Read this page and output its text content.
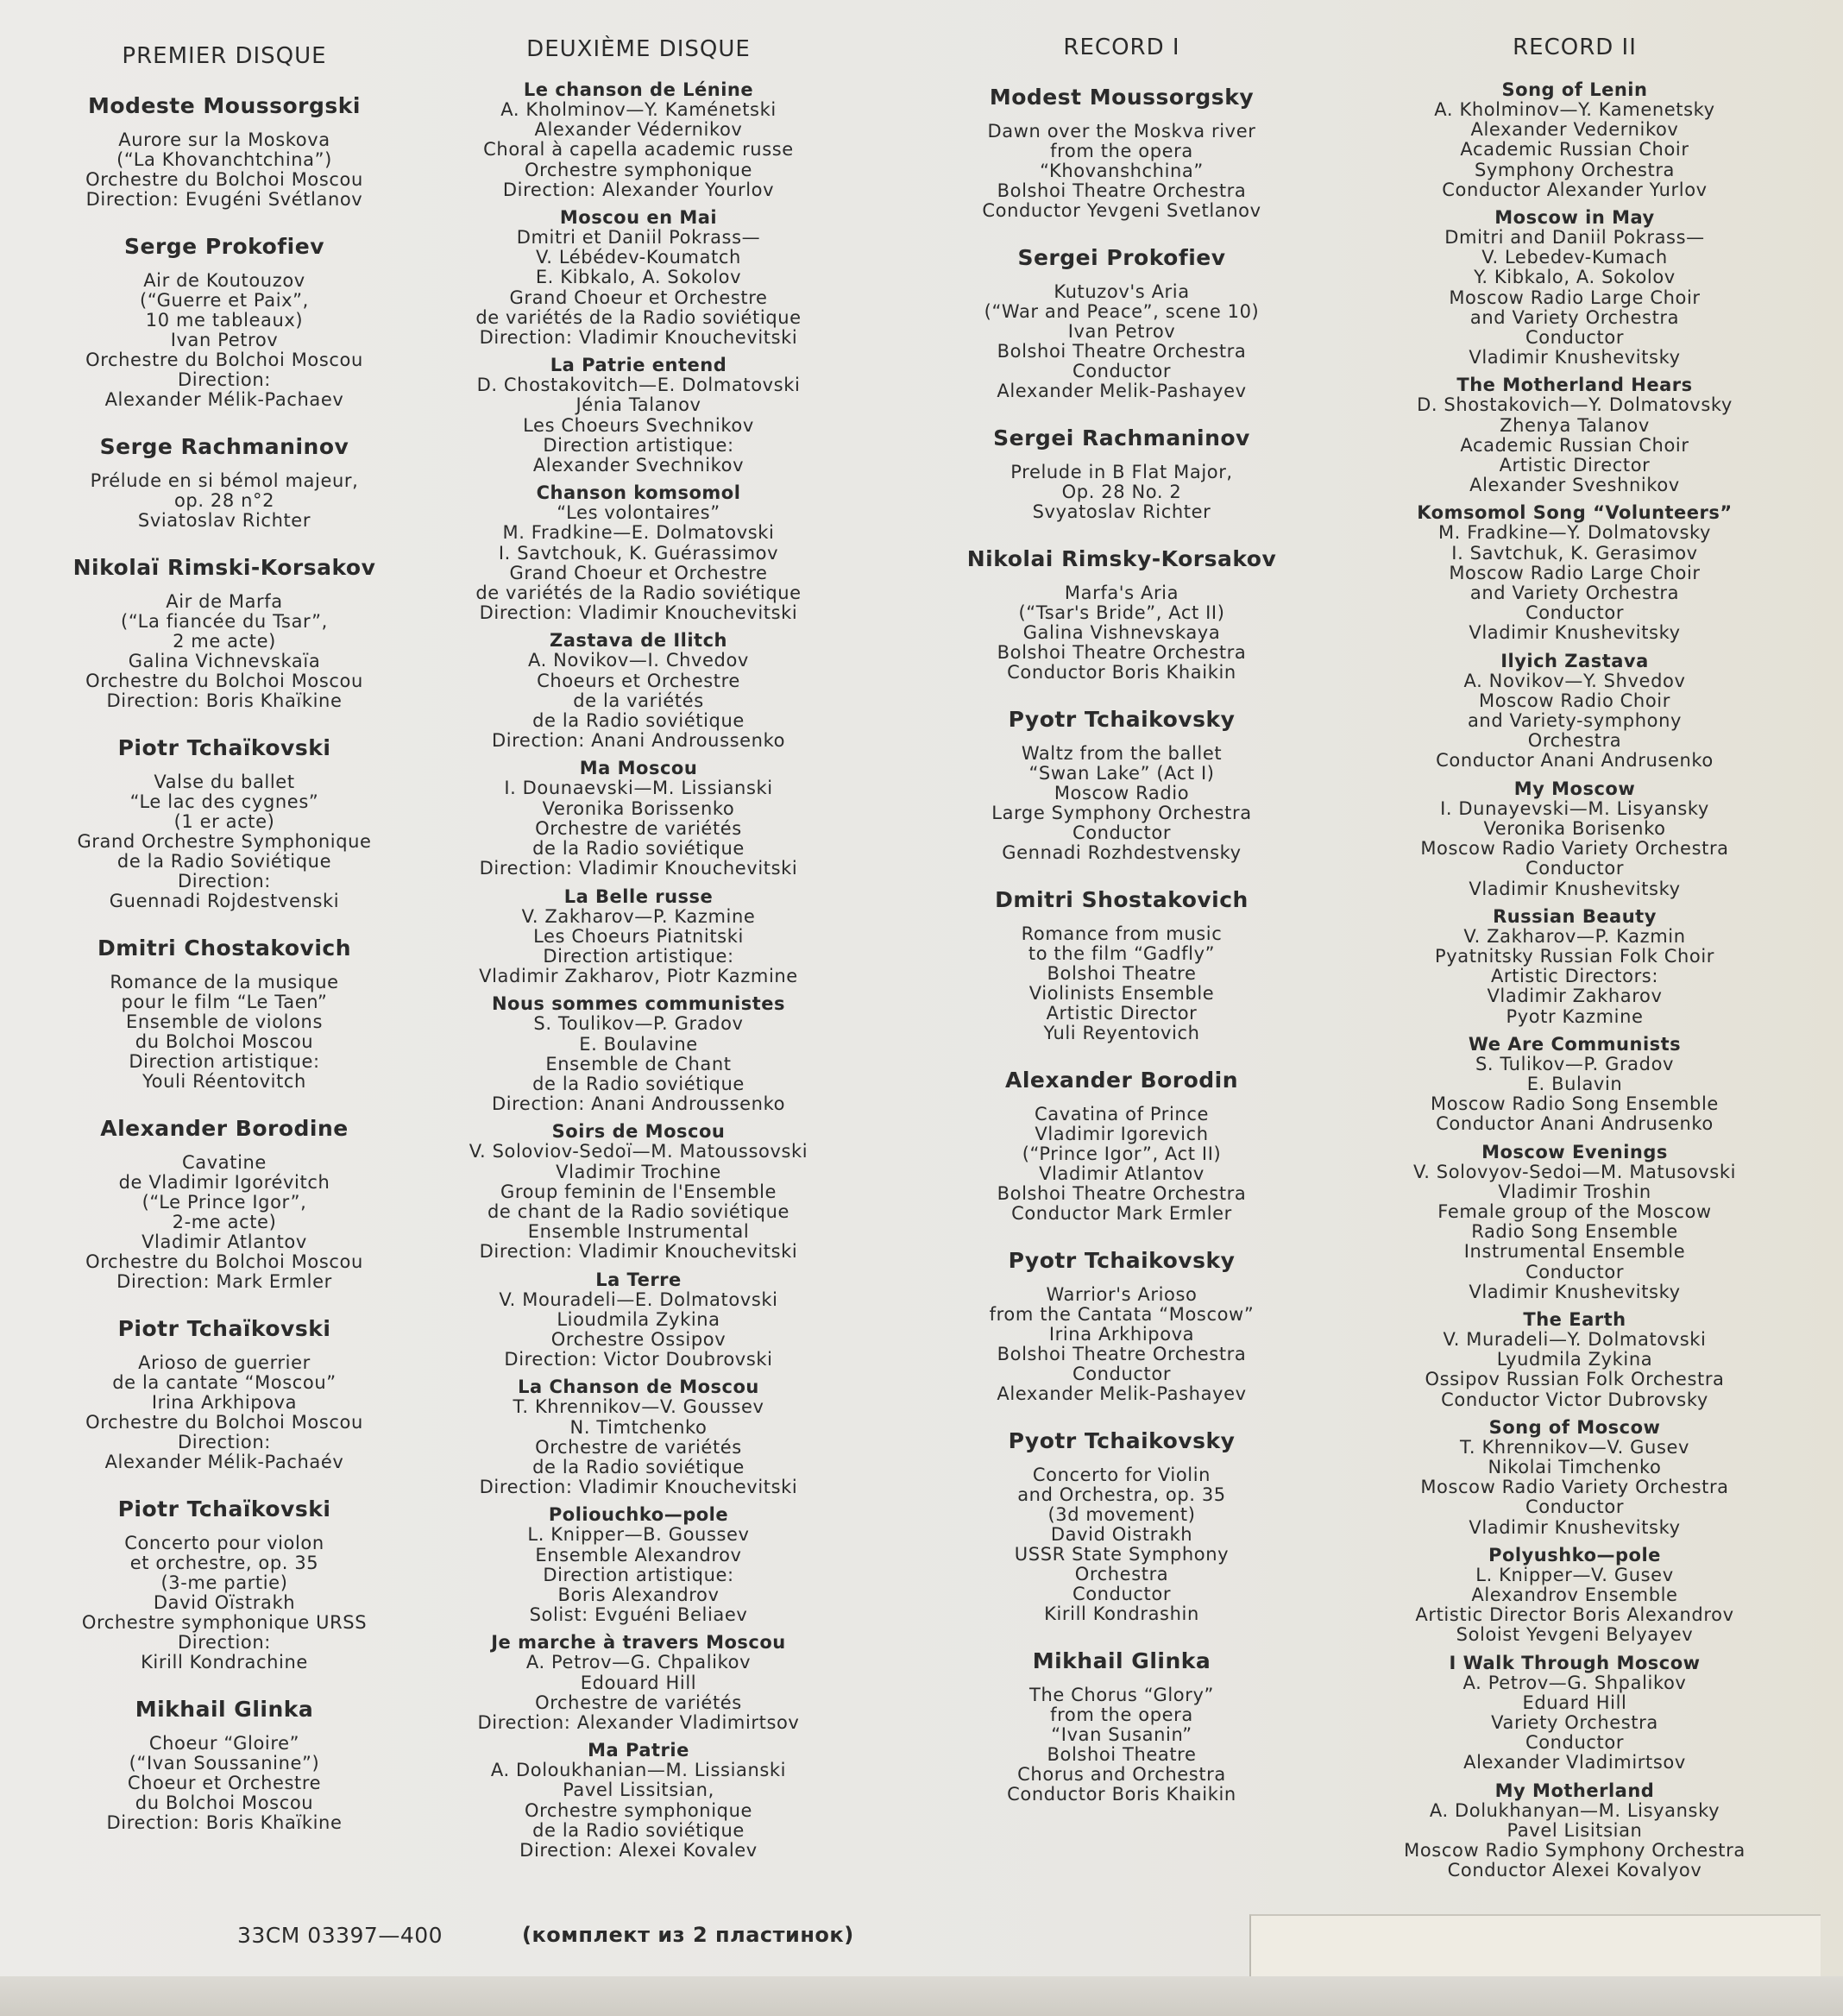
PREMIER DISQUE
Modeste Moussorgski
Aurore sur la Moskova
(“La Khovanchtchina”)
Orchestre du Bolchoi Moscou
Direction: Evugéni Svétlanov
Serge Prokofiev
Air de Koutouzov
(“Guerre et Paix”,
10 me tableaux)
Ivan Petrov
Orchestre du Bolchoi Moscou
Direction:
Alexander Mélik-Pachaev
Serge Rachmaninov
Prélude en si bémol majeur,
op. 28 n°2
Sviatoslav Richter
Nikolaï Rimski-Korsakov
Air de Marfa
(“La fiancée du Tsar”,
2 me acte)
Galina Vichnevskaïa
Orchestre du Bolchoi Moscou
Direction: Boris Khaïkine
Piotr Tchaïkovski
Valse du ballet
“Le lac des cygnes”
(1 er acte)
Grand Orchestre Symphonique
de la Radio Soviétique
Direction:
Guennadi Rojdestvenski
Dmitri Chostakovich
Romance de la musique
pour le film “Le Taen”
Ensemble de violons
du Bolchoi Moscou
Direction artistique:
Youli Réentovitch
Alexander Borodine
Cavatine
de Vladimir Igorévitch
(“Le Prince Igor”,
2-me acte)
Vladimir Atlantov
Orchestre du Bolchoi Moscou
Direction: Mark Ermler
Piotr Tchaïkovski
Arioso de guerrier
de la cantate “Moscou”
Irina Arkhipova
Orchestre du Bolchoi Moscou
Direction:
Alexander Mélik-Pachaév
Piotr Tchaïkovski
Concerto pour violon
et orchestre, op. 35
(3-me partie)
David Oïstrakh
Orchestre symphonique URSS
Direction:
Kirill Kondrachine
Mikhail Glinka
Choeur “Gloire”
(“Ivan Soussanine”)
Choeur et Orchestre
du Bolchoi Moscou
Direction: Boris Khaïkine
DEUXIÈME DISQUE
Le chanson de Lénine
A. Kholminov—Y. Kaménetski
Alexander Védernikov
Choral à capella academic russe
Orchestre symphonique
Direction: Alexander Yourlov
Moscou en Mai
Dmitri et Daniil Pokrass—
V. Lébédev-Koumatch
E. Kibkalo, A. Sokolov
Grand Choeur et Orchestre
de variétés de la Radio soviétique
Direction: Vladimir Knouchevitski
La Patrie entend
D. Chostakovitch—E. Dolmatovski
Jénia Talanov
Les Choeurs Svechnikov
Direction artistique:
Alexander Svechnikov
Chanson komsomol
“Les volontaires”
M. Fradkine—E. Dolmatovski
I. Savtchouk, K. Guérassimov
Grand Choeur et Orchestre
de variétés de la Radio soviétique
Direction: Vladimir Knouchevitski
Zastava de Ilitch
A. Novikov—I. Chvedov
Choeurs et Orchestre
de la variétés
de la Radio soviétique
Direction: Anani Androussenko
Ma Moscou
I. Dounaevski—M. Lissianski
Veronika Borissenko
Orchestre de variétés
de la Radio soviétique
Direction: Vladimir Knouchevitski
La Belle russe
V. Zakharov—P. Kazmine
Les Choeurs Piatnitski
Direction artistique:
Vladimir Zakharov, Piotr Kazmine
Nous sommes communistes
S. Toulikov—P. Gradov
E. Boulavine
Ensemble de Chant
de la Radio soviétique
Direction: Anani Androussenko
Soirs de Moscou
V. Soloviov-Sedoï—M. Matoussovski
Vladimir Trochine
Group feminin de l'Ensemble
de chant de la Radio soviétique
Ensemble Instrumental
Direction: Vladimir Knouchevitski
La Terre
V. Mouradeli—E. Dolmatovski
Lioudmila Zykina
Orchestre Ossipov
Direction: Victor Doubrovski
La Chanson de Moscou
T. Khrennikov—V. Goussev
N. Timtchenko
Orchestre de variétés
de la Radio soviétique
Direction: Vladimir Knouchevitski
Poliouchko—pole
L. Knipper—B. Goussev
Ensemble Alexandrov
Direction artistique:
Boris Alexandrov
Solist: Evguéni Beliaev
Je marche à travers Moscou
A. Petrov—G. Chpalikov
Edouard Hill
Orchestre de variétés
Direction: Alexander Vladimirtsov
Ma Patrie
A. Doloukhanian—M. Lissianski
Pavel Lissitsian,
Orchestre symphonique
de la Radio soviétique
Direction: Alexei Kovalev
RECORD I
Modest Moussorgsky
Dawn over the Moskva river
from the opera
“Khovanshchina”
Bolshoi Theatre Orchestra
Conductor Yevgeni Svetlanov
Sergei Prokofiev
Kutuzov's Aria
(“War and Peace”, scene 10)
Ivan Petrov
Bolshoi Theatre Orchestra
Conductor
Alexander Melik-Pashayev
Sergei Rachmaninov
Prelude in B Flat Major,
Op. 28 No. 2
Svyatoslav Richter
Nikolai Rimsky-Korsakov
Marfa's Aria
(“Tsar's Bride”, Act II)
Galina Vishnevskaya
Bolshoi Theatre Orchestra
Conductor Boris Khaikin
Pyotr Tchaikovsky
Waltz from the ballet
“Swan Lake” (Act I)
Moscow Radio
Large Symphony Orchestra
Conductor
Gennadi Rozhdestvensky
Dmitri Shostakovich
Romance from music
to the film “Gadfly”
Bolshoi Theatre
Violinists Ensemble
Artistic Director
Yuli Reyentovich
Alexander Borodin
Cavatina of Prince
Vladimir Igorevich
(“Prince Igor”, Act II)
Vladimir Atlantov
Bolshoi Theatre Orchestra
Conductor Mark Ermler
Pyotr Tchaikovsky
Warrior's Arioso
from the Cantata “Moscow”
Irina Arkhipova
Bolshoi Theatre Orchestra
Conductor
Alexander Melik-Pashayev
Pyotr Tchaikovsky
Concerto for Violin
and Orchestra, op. 35
(3d movement)
David Oistrakh
USSR State Symphony
Orchestra
Conductor
Kirill Kondrashin
Mikhail Glinka
The Chorus “Glory”
from the opera
“Ivan Susanin”
Bolshoi Theatre
Chorus and Orchestra
Conductor Boris Khaikin
RECORD II
Song of Lenin
A. Kholminov—Y. Kamenetsky
Alexander Vedernikov
Academic Russian Choir
Symphony Orchestra
Conductor Alexander Yurlov
Moscow in May
Dmitri and Daniil Pokrass—
V. Lebedev-Kumach
Y. Kibkalo, A. Sokolov
Moscow Radio Large Choir
and Variety Orchestra
Conductor
Vladimir Knushevitsky
The Motherland Hears
D. Shostakovich—Y. Dolmatovsky
Zhenya Talanov
Academic Russian Choir
Artistic Director
Alexander Sveshnikov
Komsomol Song “Volunteers”
M. Fradkine—Y. Dolmatovsky
I. Savtchuk, K. Gerasimov
Moscow Radio Large Choir
and Variety Orchestra
Conductor
Vladimir Knushevitsky
Ilyich Zastava
A. Novikov—Y. Shvedov
Moscow Radio Choir
and Variety-symphony
Orchestra
Conductor Anani Andrusenko
My Moscow
I. Dunayevski—M. Lisyansky
Veronika Borisenko
Moscow Radio Variety Orchestra
Conductor
Vladimir Knushevitsky
Russian Beauty
V. Zakharov—P. Kazmin
Pyatnitsky Russian Folk Choir
Artistic Directors:
Vladimir Zakharov
Pyotr Kazmine
We Are Communists
S. Tulikov—P. Gradov
E. Bulavin
Moscow Radio Song Ensemble
Conductor Anani Andrusenko
Moscow Evenings
V. Solovyov-Sedoi—M. Matusovski
Vladimir Troshin
Female group of the Moscow
Radio Song Ensemble
Instrumental Ensemble
Conductor
Vladimir Knushevitsky
The Earth
V. Muradeli—Y. Dolmatovski
Lyudmila Zykina
Ossipov Russian Folk Orchestra
Conductor Victor Dubrovsky
Song of Moscow
T. Khrennikov—V. Gusev
Nikolai Timchenko
Moscow Radio Variety Orchestra
Conductor
Vladimir Knushevitsky
Polyushko—pole
L. Knipper—V. Gusev
Alexandrov Ensemble
Artistic Director Boris Alexandrov
Soloist Yevgeni Belyayev
I Walk Through Moscow
A. Petrov—G. Shpalikov
Eduard Hill
Variety Orchestra
Conductor
Alexander Vladimirtsov
My Motherland
A. Dolukhanyan—M. Lisyansky
Pavel Lisitsian
Moscow Radio Symphony Orchestra
Conductor Alexei Kovalyov
33СМ 03397—400	(комплект из 2 пластинок)
